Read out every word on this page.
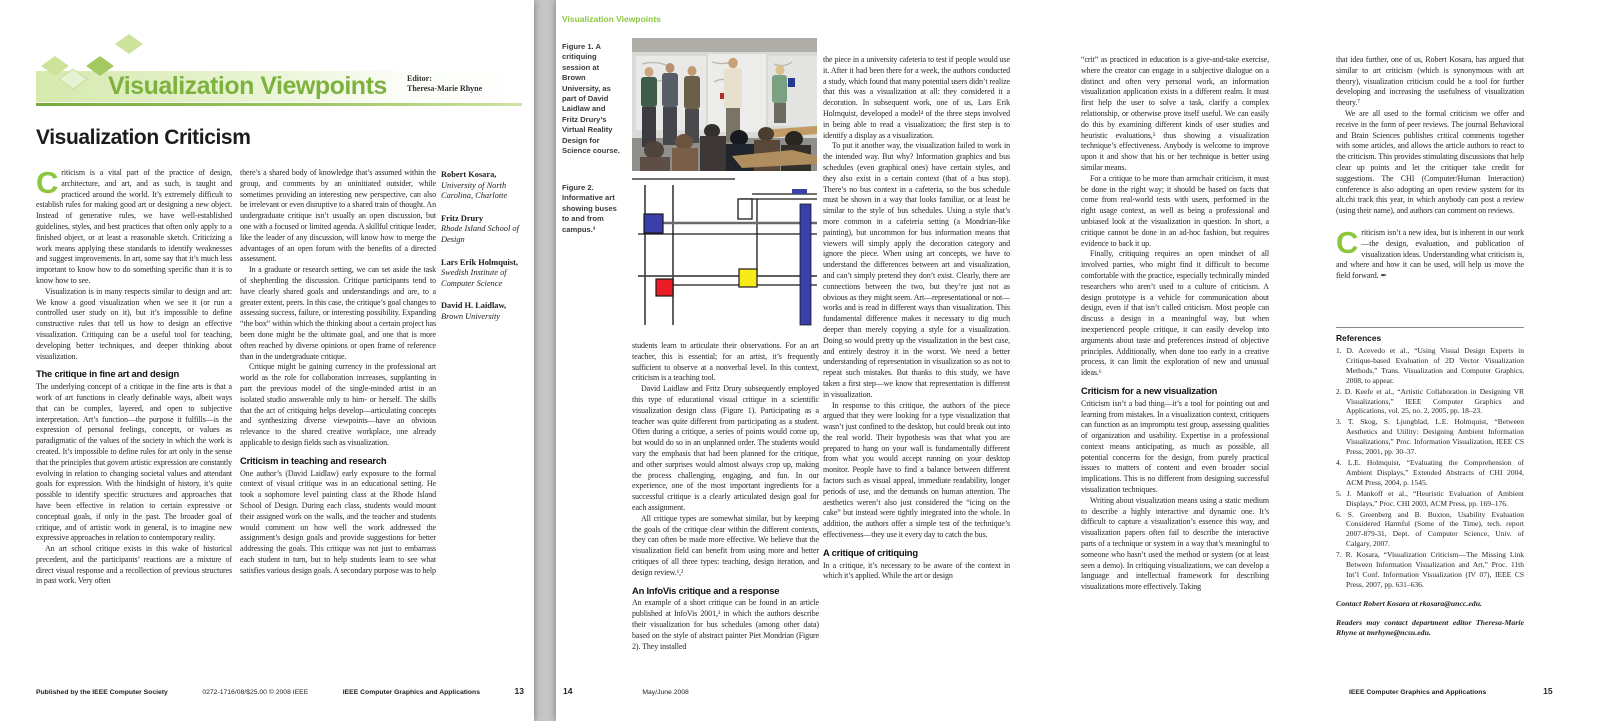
Visualization Viewpoints	Editor:
Theresa-Marie Rhyne
Visualization Criticism

Criticism is a vital part of the practice of design, architecture, and art, and as such, is taught and practiced around the world. It’s extremely difficult to establish rules for making good art or designing a new object. Instead of generative rules, we have well-established guidelines, styles, and best practices that often only apply to a finished object, or at least a reasonable sketch. Criticizing a work means applying these standards to identify weaknesses and suggest improvements. In art, some say that it’s much less important to know how to do something specific than it is to know how to see.

Visualization is in many respects similar to design and art: We know a good visualization when we see it (or run a controlled user study on it), but it’s impossible to define constructive rules that tell us how to design an effective visualization. Critiquing can be a useful tool for teaching, developing better techniques, and deeper thinking about visualization.

The critique in fine art and design

The underlying concept of a critique in the fine arts is that a work of art functions in clearly definable ways, albeit ways that can be complex, layered, and open to subjective interpretation. Art’s function—the purpose it fulfills—is the expression of personal feelings, concepts, or values as paradigmatic of the values of the society in which the work is created. It’s impossible to define rules for art only in the sense that the principles that govern artistic expression are constantly evolving in relation to changing societal values and attendant goals for expression. With the hindsight of history, it’s quite possible to identify specific structures and approaches that have been effective in relation to certain expressive or conceptual goals, if only in the past. The broader goal of critique, and of artistic work in general, is to imagine new expressive approaches in relation to contemporary reality.

An art school critique exists in this wake of historical precedent, and the participants’ reactions are a mixture of direct visual response and a recollection of previous structures in past work. Very often

there’s a shared body of knowledge that’s assumed within the group, and comments by an uninitiated outsider, while sometimes providing an interesting new perspective, can also be irrelevant or even disruptive to a shared train of thought. An undergraduate critique isn’t usually an open discussion, but one with a focused or limited agenda. A skillful critique leader, like the leader of any discussion, will know how to merge the advantages of an open forum with the benefits of a directed assessment.

In a graduate or research setting, we can set aside the task of shepherding the discussion. Critique participants tend to have clearly shared goals and understandings and are, to a greater extent, peers. In this case, the critique’s goal changes to assessing success, failure, or interesting possibility. Expanding “the box” within which the thinking about a certain project has been done might be the ultimate goal, and one that is more often reached by diverse opinions or open frame of reference than in the undergraduate critique.

Critique might be gaining currency in the professional art world as the role for collaboration increases, supplanting in part the previous model of the single-minded artist in an isolated studio answerable only to him- or herself. The skills that the act of critiquing helps develop—articulating concepts and synthesizing diverse viewpoints—have an obvious relevance to the shared creative workplace, one already applicable to design fields such as visualization.

Criticism in teaching and research

One author’s (David Laidlaw) early exposure to the formal context of visual critique was in an educational setting. He took a sophomore level painting class at the Rhode Island School of Design. During each class, students would mount their assigned work on the walls, and the teacher and students would comment on how well the work addressed the assignment’s design goals and provide suggestions for better addressing the goals. This critique was not just to embarrass each student in turn, but to help students learn to see what satisfies various design goals. A secondary purpose was to help

Robert Kosara,
University of North Carolina, Charlotte
Fritz Drury
Rhode Island School of Design
Lars Erik Holmquist,
Swedish Institute of Computer Science
David H. Laidlaw,
Brown University
Published by the IEEE Computer Society	0272-1716/08/$25.00 © 2008 IEEE	IEEE Computer Graphics and Applications	13
Visualization Viewpoints
Figure 1. A critiquing session at Brown University, as part of David Laidlaw and Fritz Drury’s Virtual Reality Design for Science course.
Figure 2. Informative art showing buses to and from campus.³

students learn to articulate their observations. For an art teacher, this is essential; for an artist, it’s frequently sufficient to observe at a nonverbal level. In this context, criticism is a teaching tool.

David Laidlaw and Fritz Drury subsequently employed this type of educational visual critique in a scientific visualization design class (Figure 1). Participating as a teacher was quite different from participating as a student. Often during a critique, a series of points would come up, but would do so in an unplanned order. The students would vary the emphasis that had been planned for the critique, and other surprises would almost always crop up, making the process challenging, engaging, and fun. In our experience, one of the most important ingredients for a successful critique is a clearly articulated design goal for each assignment.

All critique types are somewhat similar, but by keeping the goals of the critique clear within the different contexts, they can often be made more effective. We believe that the visualization field can benefit from using more and better critiques of all three types: teaching, design iteration, and design review.¹,²

An InfoVis critique and a response

An example of a short critique can be found in an article published at InfoVis 2001,³ in which the authors describe their visualization for bus schedules (among other data) based on the style of abstract painter Piet Mondrian (Figure 2). They installed

the piece in a university cafeteria to test if people would use it. After it had been there for a week, the authors conducted a study, which found that many potential users didn’t realize that this was a visualization at all: they considered it a decoration. In subsequent work, one of us, Lars Erik Holmquist, developed a model⁴ of the three steps involved in being able to read a visualization; the first step is to identify a display as a visualization.

To put it another way, the visualization failed to work in the intended way. But why? Information graphics and bus schedules (even graphical ones) have certain styles, and they also exist in a certain context (that of a bus stop). There’s no bus context in a cafeteria, so the bus schedule must be shown in a way that looks familiar, or at least be similar to the style of bus schedules. Using a style that’s more common in a cafeteria setting (a Mondrian-like painting), but uncommon for bus information means that viewers will simply apply the decoration category and ignore the piece. When using art concepts, we have to understand the differences between art and visualization, and can’t simply pretend they don’t exist. Clearly, there are connections between the two, but they’re just not as obvious as they might seem. Art—representational or not—works and is read in different ways than visualization. This fundamental difference makes it necessary to dig much deeper than merely copying a style for a visualization. Doing so would pretty up the visualization in the best case, and entirely destroy it in the worst. We need a better understanding of representation in visualization so as not to repeat such mistakes. But thanks to this study, we have taken a first step—we know that representation is different in visualization.

In response to this critique, the authors of the piece argued that they were looking for a type visualization that wasn’t just confined to the desktop, but could break out into the real world. Their hypothesis was that what you are prepared to hang on your wall is fundamentally different from what you would accept running on your desktop monitor. People have to find a balance between different factors such as visual appeal, immediate readability, longer periods of use, and the demands on human attention. The aesthetics weren’t also just considered the “icing on the cake” but instead were tightly integrated into the whole. In addition, the authors offer a simple test of the technique’s effectiveness—they use it every day to catch the bus.

A critique of critiquing

In a critique, it’s necessary to be aware of the context in which it’s applied. While the art or design

“crit” as practiced in education is a give-and-take exercise, where the creator can engage in a subjective dialogue on a distinct and often very personal work, an information visualization application exists in a different realm. It must first help the user to solve a task, clarify a complex relationship, or otherwise prove itself useful. We can easily do this by examining different kinds of user studies and heuristic evaluations,⁵ thus showing a visualization technique’s effectiveness. Anybody is welcome to improve upon it and show that his or her technique is better using similar means.

For a critique to be more than armchair criticism, it must be done in the right way; it should be based on facts that come from real-world tests with users, performed in the right usage context, as well as being a professional and unbiased look at the visualization in question. In short, a critique cannot be done in an ad-hoc fashion, but requires evidence to back it up.

Finally, critiquing requires an open mindset of all involved parties, who might find it difficult to become comfortable with the practice, especially technically minded researchers who aren’t used to a culture of criticism. A design prototype is a vehicle for communication about design, even if that isn’t called criticism. Most people can discuss a design in a meaningful way, but when inexperienced people critique, it can easily develop into arguments about taste and preferences instead of objective principles. Additionally, when done too early in a creative process, it can limit the exploration of new and unusual ideas.⁶

Criticism for a new visualization

Criticism isn’t a bad thing—it’s a tool for pointing out and learning from mistakes. In a visualization context, critiquers can function as an impromptu test group, assessing qualities of organization and usability. Expertise in a professional context means anticipating, as much as possible, all potential concerns for the design, from purely practical issues to matters of content and even broader social implications. This is no different from designing successful visualization techniques.

Writing about visualization means using a static medium to describe a highly interactive and dynamic one. It’s difficult to capture a visualization’s essence this way, and visualization papers often fail to describe the interactive parts of a technique or system in a way that’s meaningful to someone who hasn’t used the method or system (or at least seen a demo). In critiquing visualizations, we can develop a language and intellectual framework for describing visualizations more effectively. Taking

that idea further, one of us, Robert Kosara, has argued that similar to art criticism (which is synonymous with art theory), visualization criticism could be a tool for further developing and increasing the usefulness of visualization theory.⁷

We are all used to the formal criticism we offer and receive in the form of peer reviews. The journal Behavioral and Brain Sciences publishes critical comments together with some articles, and allows the article authors to react to the criticism. This provides stimulating discussions that help clear up points and let the critiquer take credit for suggestions. The CHI (Computer/Human Interaction) conference is also adopting an open review system for its alt.chi track this year, in which anybody can post a review (using their name), and authors can comment on reviews.

Criticism isn’t a new idea, but is inherent in our work—the design, evaluation, and publication of visualization ideas. Understanding what criticism is, and where and how it can be used, will help us move the field forward. ✒

References

1. D. Acevedo et al., “Using Visual Design Experts in Critique-based Evaluation of 2D Vector Visualization Methods,” Trans. Visualization and Computer Graphics, 2008, to appear.

2. D. Keefe et al., “Artistic Collaboration in Designing VR Visualizations,” IEEE Computer Graphics and Applications, vol. 25, no. 2, 2005, pp. 18–23.

3. T. Skog, S. Ljungblad, L.E. Holmquist, “Between Aesthetics and Utility: Designing Ambient Information Visualizations,” Proc. Information Visualization, IEEE CS Press, 2001, pp. 30–37.

4. L.E. Holmquist, “Evaluating the Comprehension of Ambient Displays,” Extended Abstracts of CHI 2004, ACM Press, 2004, p. 1545.

5. J. Mankoff et al., “Heuristic Evaluation of Ambient Displays,” Proc. CHI 2003, ACM Press, pp. 169–176.

6. S. Greenberg and B. Buxton, Usability Evaluation Considered Harmful (Some of the Time), tech. report 2007-879-31, Dept. of Computer Science, Univ. of Calgary, 2007.

7. R. Kosara, “Visualization Criticism—The Missing Link Between Information Visualization and Art,” Proc. 11th Int’l Conf. Information Visualization (IV 07), IEEE CS Press, 2007, pp. 631–636.

Contact Robert Kosara at rkosara@uncc.edu.

Readers may contact department editor Theresa-Marie Rhyne at tmrhyne@ncsu.edu.

14	May/June 2008	IEEE Computer Graphics and Applications	15
